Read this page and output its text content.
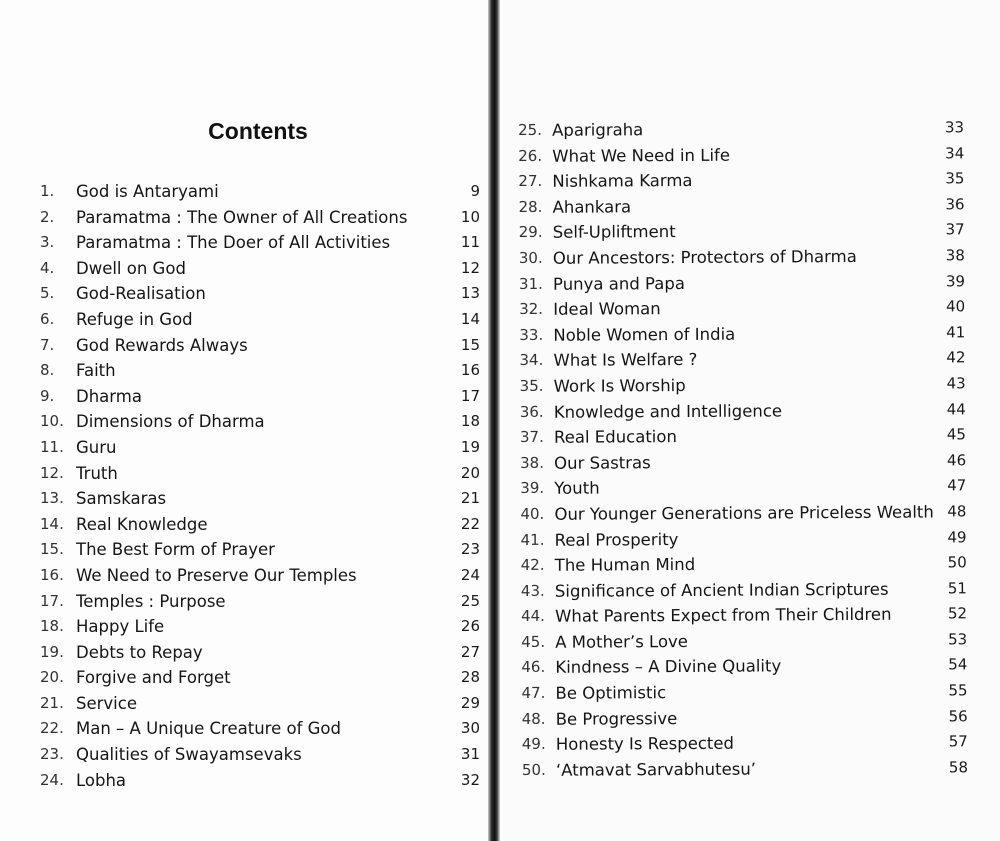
Contents
1. God is Antaryami	9
2. Paramatma : The Owner of All Creations	10
3. Paramatma : The Doer of All Activities	11
4. Dwell on God	12
5. God-Realisation	13
6. Refuge in God	14
7. God Rewards Always	15
8. Faith	16
9. Dharma	17
10. Dimensions of Dharma	18
11. Guru	19
12. Truth	20
13. Samskaras	21
14. Real Knowledge	22
15. The Best Form of Prayer	23
16. We Need to Preserve Our Temples	24
17. Temples : Purpose	25
18. Happy Life	26
19. Debts to Repay	27
20. Forgive and Forget	28
21. Service	29
22. Man – A Unique Creature of God	30
23. Qualities of Swayamsevaks	31
24. Lobha	32
25. Aparigraha	33
26. What We Need in Life	34
27. Nishkama Karma	35
28. Ahankara	36
29. Self-Upliftment	37
30. Our Ancestors: Protectors of Dharma	38
31. Punya and Papa	39
32. Ideal Woman	40
33. Noble Women of India	41
34. What Is Welfare ?	42
35. Work Is Worship	43
36. Knowledge and Intelligence	44
37. Real Education	45
38. Our Sastras	46
39. Youth	47
40. Our Younger Generations are Priceless Wealth 48
41. Real Prosperity	49
42. The Human Mind	50
43. Significance of Ancient Indian Scriptures	51
44. What Parents Expect from Their Children	52
45. A Mother’s Love	53
46. Kindness – A Divine Quality	54
47. Be Optimistic	55
48. Be Progressive	56
49. Honesty Is Respected	57
50. ‘Atmavat Sarvabhutesu’	58
